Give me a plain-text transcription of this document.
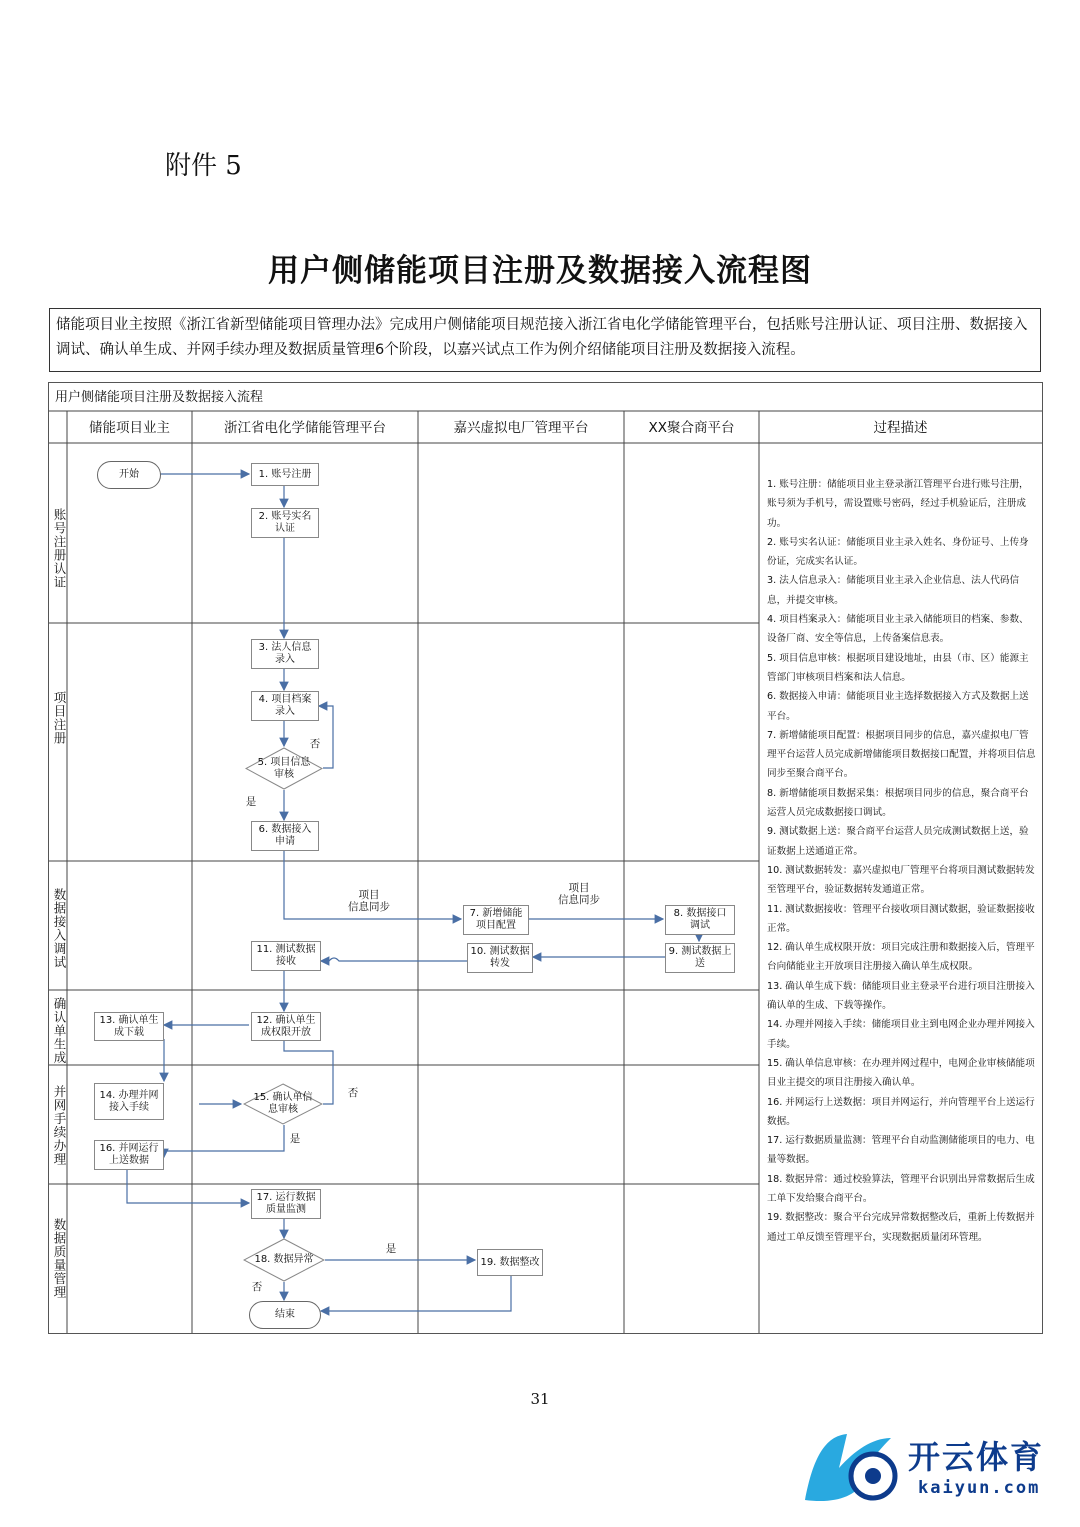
附件 5
用户侧储能项目注册及数据接入流程图
储能项目业主按照《浙江省新型储能项目管理办法》完成用户侧储能项目规范接入浙江省电化学储能管理平台，包括账号注册认证、项目注册、数据接入调试、确认单生成、并网手续办理及数据质量管理6个阶段，以嘉兴试点工作为例介绍储能项目注册及数据接入流程。
用户侧储能项目注册及数据接入流程
储能项目业主	浙江省电化学储能管理平台	嘉兴虚拟电厂管理平台	XX聚合商平台	过程描述
账号注册认证
项目注册
数据接入调试
确认单生成
并网手续办理
数据质量管理
开始	1. 账号注册
2. 账号实名
认证
3. 法人信息
录入
4. 项目档案
录入
5. 项目信息
审核
6. 数据接入
申请
7. 新增储能
项目配置
8. 数据接口
调试
9. 测试数据上
送
10. 测试数据
转发
11. 测试数据
接收
12. 确认单生
成权限开放
13. 确认单生
成下载
14. 办理并网
接入手续
15. 确认单信
息审核
16. 并网运行
上送数据
17. 运行数据
质量监测
18. 数据异常	19. 数据整改
结束
否
是
项目
信息同步
项目
信息同步
否
是
是
否
1. 账号注册：储能项目业主登录浙江管理平台进行账号注册，账号须为手机号，需设置账号密码，经过手机验证后，注册成功。
2. 账号实名认证：储能项目业主录入姓名、身份证号、上传身份证，完成实名认证。
3. 法人信息录入：储能项目业主录入企业信息、法人代码信息，并提交审核。
4. 项目档案录入：储能项目业主录入储能项目的档案、参数、设备厂商、安全等信息，上传备案信息表。
5. 项目信息审核：根据项目建设地址，由县（市、区）能源主管部门审核项目档案和法人信息。
6. 数据接入申请：储能项目业主选择数据接入方式及数据上送平台。
7. 新增储能项目配置：根据项目同步的信息，嘉兴虚拟电厂管理平台运营人员完成新增储能项目数据接口配置，并将项目信息同步至聚合商平台。
8. 新增储能项目数据采集：根据项目同步的信息，聚合商平台运营人员完成数据接口调试。
9. 测试数据上送：聚合商平台运营人员完成测试数据上送，验证数据上送通道正常。
10. 测试数据转发：嘉兴虚拟电厂管理平台将项目测试数据转发至管理平台，验证数据转发通道正常。
11. 测试数据接收：管理平台接收项目测试数据，验证数据接收正常。
12. 确认单生成权限开放：项目完成注册和数据接入后，管理平台向储能业主开放项目注册接入确认单生成权限。
13. 确认单生成下载：储能项目业主登录平台进行项目注册接入确认单的生成、下载等操作。
14. 办理并网接入手续：储能项目业主到电网企业办理并网接入手续。
15. 确认单信息审核：在办理并网过程中，电网企业审核储能项目业主提交的项目注册接入确认单。
16. 并网运行上送数据：项目并网运行，并向管理平台上送运行数据。
17. 运行数据质量监测：管理平台自动监测储能项目的电力、电量等数据。
18. 数据异常：通过校验算法，管理平台识别出异常数据后生成工单下发给聚合商平台。
19. 数据整改：聚合平台完成异常数据整改后，重新上传数据并通过工单反馈至管理平台，实现数据质量闭环管理。
31
开云体育
kaiyun.com
